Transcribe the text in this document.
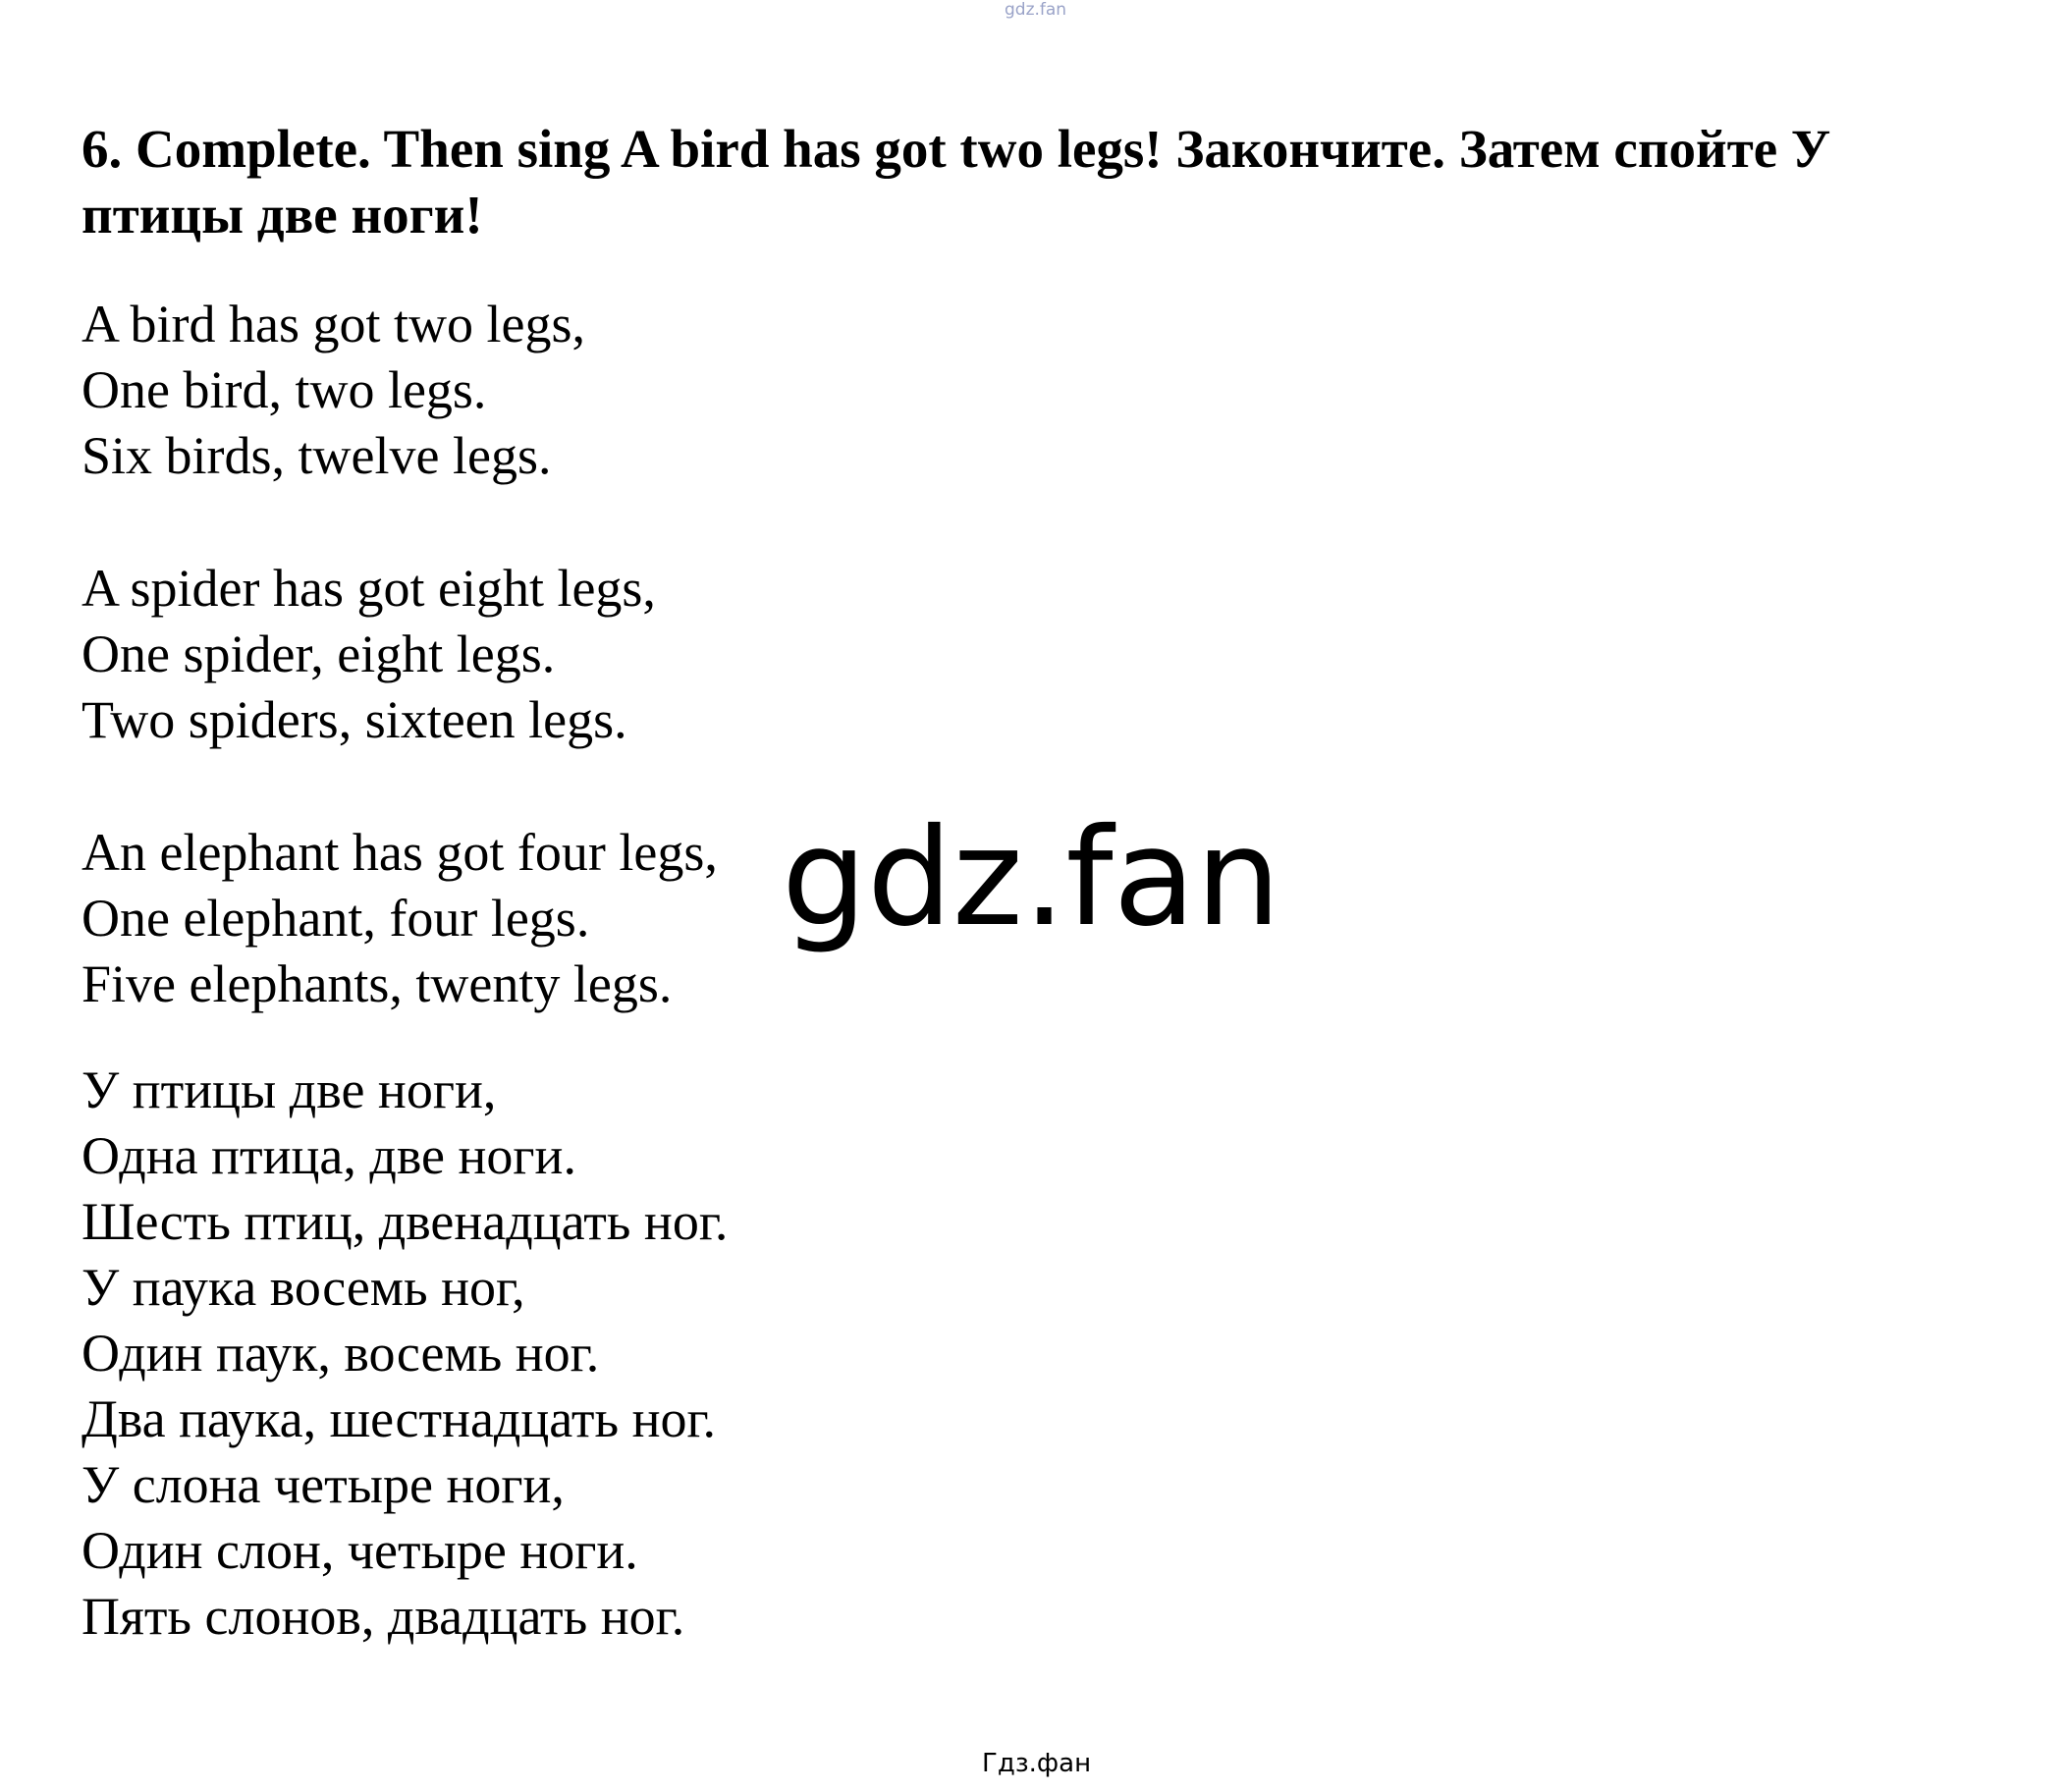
gdz.fan

6. Complete. Then sing A bird has got two legs! Закончите. Затем спойте У птицы две ноги!

A bird has got two legs,
One bird, two legs.
Six birds, twelve legs.
A spider has got eight legs,
One spider, eight legs.
Two spiders, sixteen legs.
An elephant has got four legs,
One elephant, four legs.
Five elephants, twenty legs.
У птицы две ноги,
Одна птица, две ноги.
Шесть птиц, двенадцать ног.
У паука восемь ног,
Один паук, восемь ног.
Два паука, шестнадцать ног.
У слона четыре ноги,
Один слон, четыре ноги.
Пять слонов, двадцать ног.
gdz.fan
Гдз.фан
